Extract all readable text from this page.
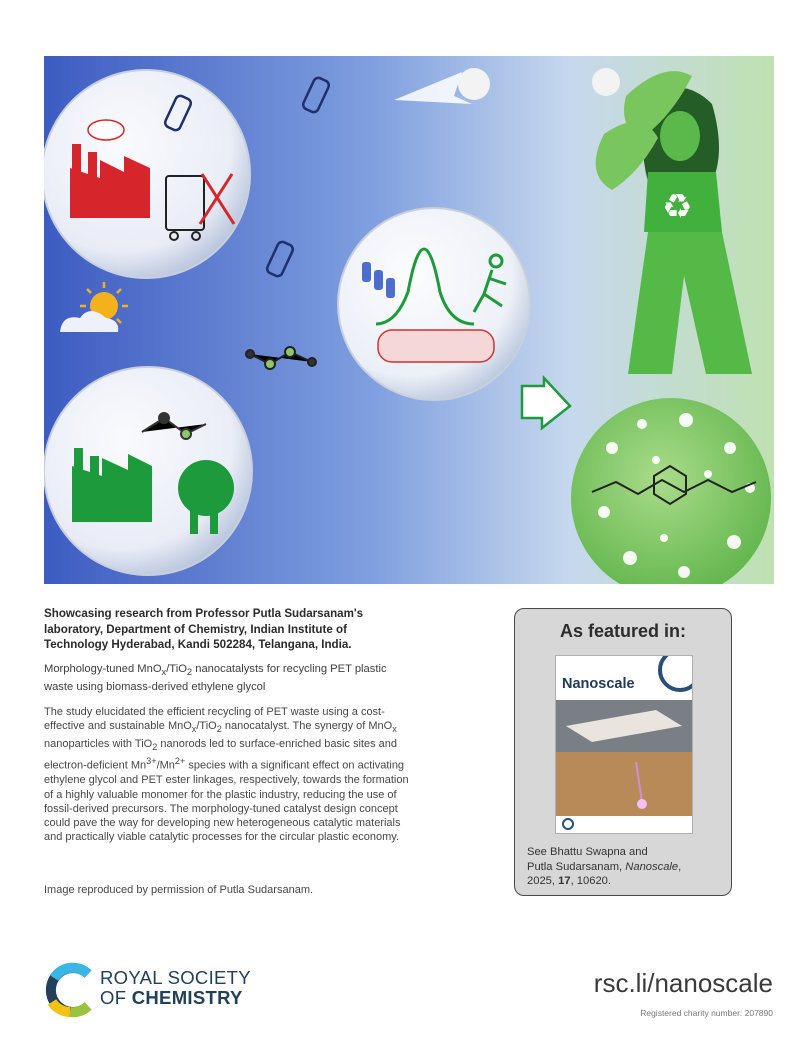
♻
Showcasing research from Professor Putla Sudarsanam's laboratory, Department of Chemistry, Indian Institute of Technology Hyderabad, Kandi 502284, Telangana, India.
Morphology-tuned MnO$_x$/TiO$_2$ nanocatalysts for recycling PET plastic waste using biomass-derived ethylene glycol
The study elucidated the efficient recycling of PET waste using a cost-effective and sustainable MnO$_x$/TiO$_2$ nanocatalyst. The synergy of MnO$_x$ nanoparticles with TiO$_2$ nanorods led to surface-enriched basic sites and electron-deficient $Mn^{3+}/Mn^{2+}$ species with a significant effect on activating ethylene glycol and PET ester linkages, respectively, towards the formation of a highly valuable monomer for the plastic industry, reducing the use of fossil-derived precursors. The morphology-tuned catalyst design concept could pave the way for developing new heterogeneous catalytic materials and practically viable catalytic processes for the circular plastic economy.
Image reproduced by permission of Putla Sudarsanam.
As featured in:
Nanoscale
See Bhattu Swapna and
Putla Sudarsanam, Nanoscale,
2025, 17, 10620.
ROYAL SOCIETY
OF CHEMISTRY	rsc.li/nanoscale
Registered charity number: 207890
